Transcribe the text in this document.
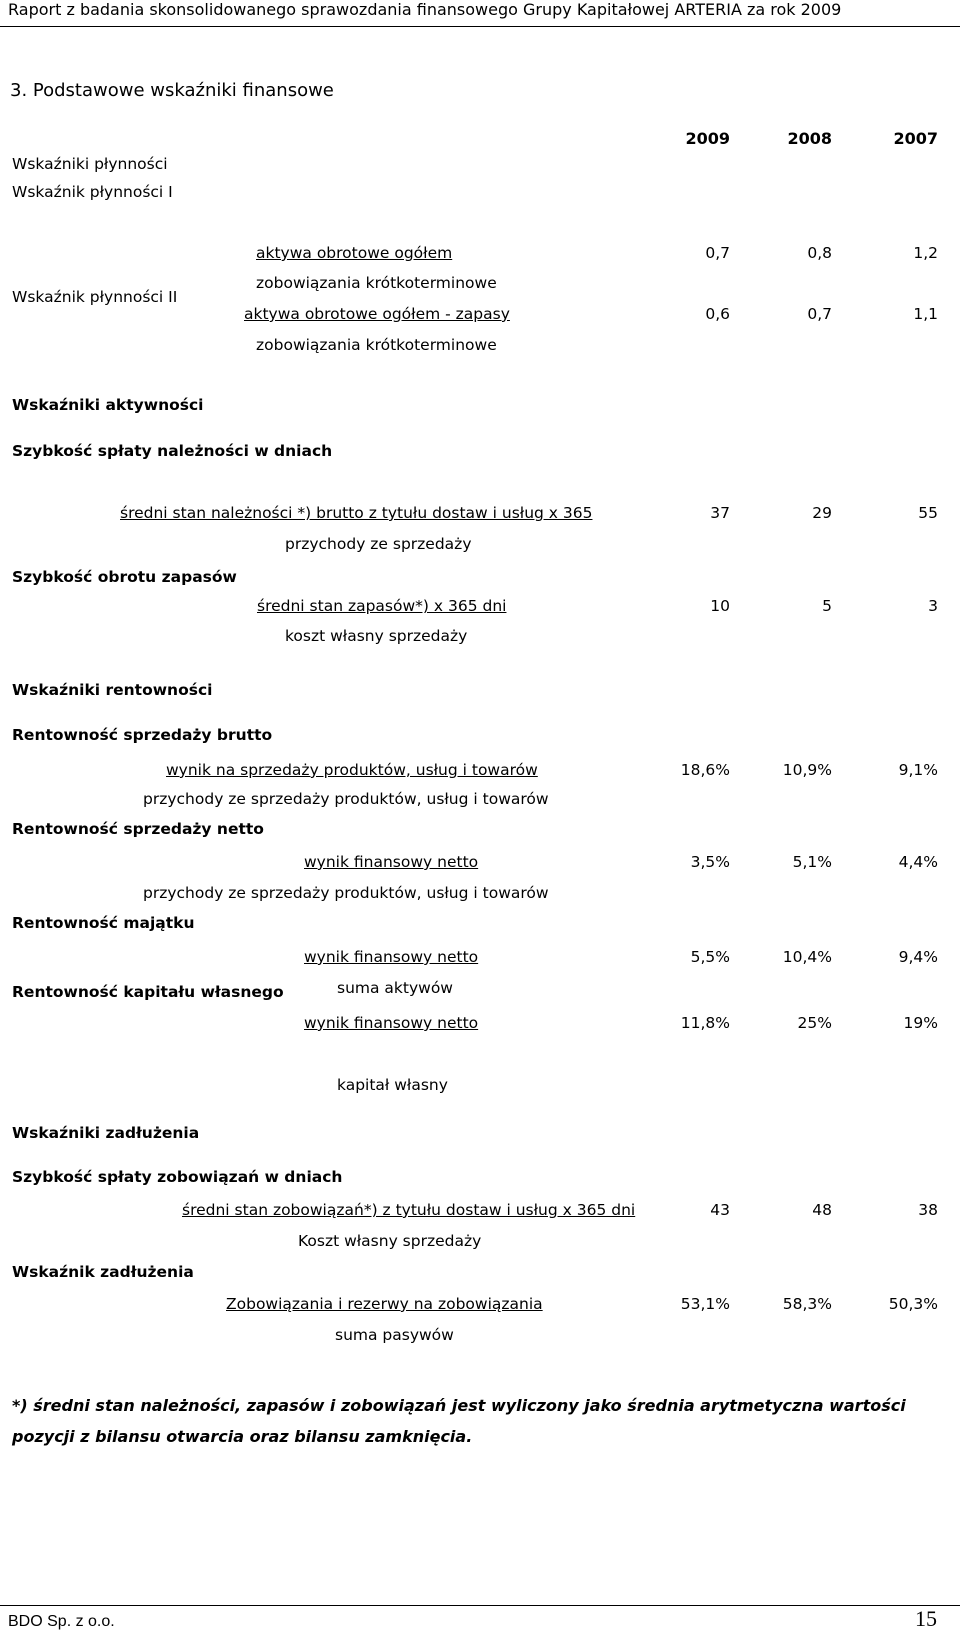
Raport z badania skonsolidowanego sprawozdania finansowego Grupy Kapitałowej ARTERIA za rok 2009
3. Podstawowe wskaźniki finansowe
2009	2008	2007
Wskaźniki płynności
Wskaźnik płynności I
aktywa obrotowe ogółem
zobowiązania krótkoterminowe
0,7	0,8	1,2
Wskaźnik płynności II
aktywa obrotowe ogółem - zapasy
zobowiązania krótkoterminowe
0,6	0,7	1,1
Wskaźniki aktywności
Szybkość spłaty należności w dniach
średni stan należności *) brutto z tytułu dostaw i usług x 365
przychody ze sprzedaży
37	29	55
Szybkość obrotu zapasów
średni stan zapasów*) x 365 dni
koszt własny sprzedaży
10	5	3
Wskaźniki rentowności
Rentowność sprzedaży brutto
wynik na sprzedaży produktów, usług i towarów
przychody ze sprzedaży produktów, usług i towarów
18,6%	10,9%	9,1%
Rentowność sprzedaży netto
wynik finansowy netto
przychody ze sprzedaży produktów, usług i towarów
3,5%	5,1%	4,4%
Rentowność majątku
wynik finansowy netto
suma aktywów
5,5%	10,4%	9,4%
Rentowność kapitału własnego
wynik finansowy netto
kapitał własny
11,8%	25%	19%
Wskaźniki zadłużenia
Szybkość spłaty zobowiązań w dniach
średni stan zobowiązań*) z tytułu dostaw i usług x 365 dni
Koszt własny sprzedaży
43	48	38
Wskaźnik zadłużenia
Zobowiązania i rezerwy na zobowiązania
suma pasywów
53,1%	58,3%	50,3%
*) średni stan należności, zapasów i zobowiązań jest wyliczony jako średnia arytmetyczna wartości
pozycji z bilansu otwarcia oraz bilansu zamknięcia.
BDO Sp. z o.o.	15
